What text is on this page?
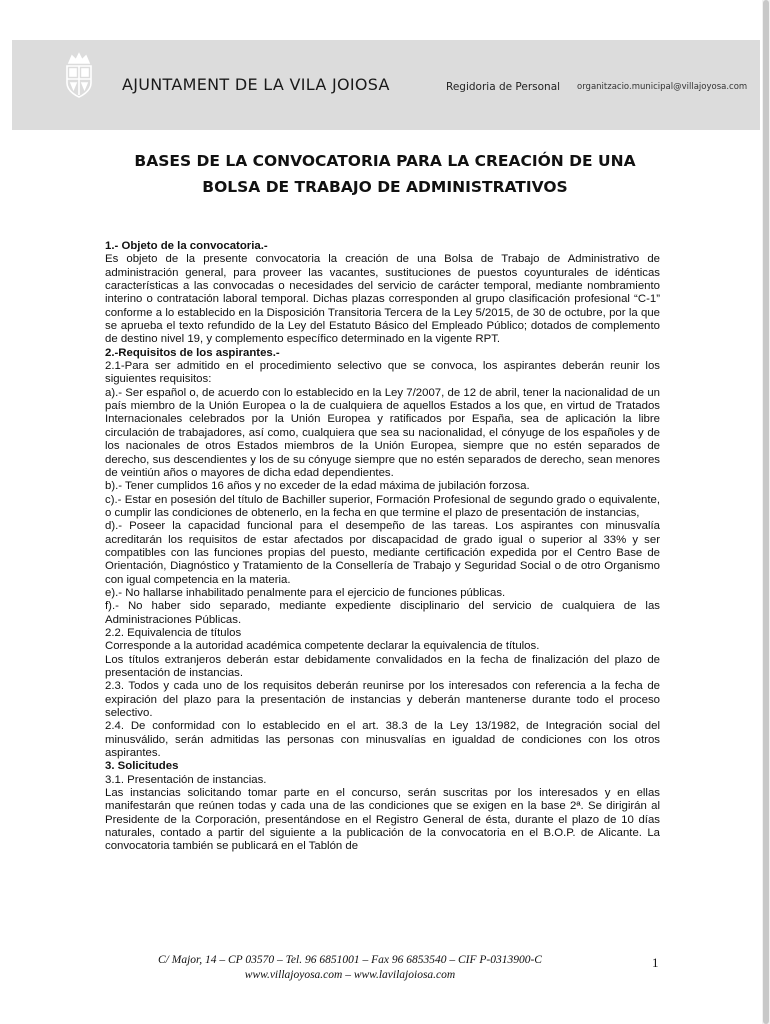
AJUNTAMENT DE LA VILA JOIOSA	Regidoria de Personal organitzacio.municipal@villajoyosa.com
BASES DE LA CONVOCATORIA PARA LA CREACIÓN DE UNA
BOLSA DE TRABAJO DE ADMINISTRATIVOS

1.- Objeto de la convocatoria.-

Es objeto de la presente convocatoria la creación de una Bolsa de Trabajo de Administrativo de administración general, para proveer las vacantes, sustituciones de puestos coyunturales de idénticas características a las convocadas o necesidades del servicio de carácter temporal, mediante nombramiento interino o contratación laboral temporal. Dichas plazas corresponden al grupo clasificación profesional “C-1” conforme a lo establecido en la Disposición Transitoria Tercera de la Ley 5/2015, de 30 de octubre, por la que se aprueba el texto refundido de la Ley del Estatuto Básico del Empleado Público; dotados de complemento de destino nivel 19, y complemento específico determinado en la vigente RPT.

2.-Requisitos de los aspirantes.-

2.1-Para ser admitido en el procedimiento selectivo que se convoca, los aspirantes deberán reunir los siguientes requisitos:

a).- Ser español o, de acuerdo con lo establecido en la Ley 7/2007, de 12 de abril, tener la nacionalidad de un país miembro de la Unión Europea o la de cualquiera de aquellos Estados a los que, en virtud de Tratados Internacionales celebrados por la Unión Europea y ratificados por España, sea de aplicación la libre circulación de trabajadores, así como, cualquiera que sea su nacionalidad, el cónyuge de los españoles y de los nacionales de otros Estados miembros de la Unión Europea, siempre que no estén separados de derecho, sus descendientes y los de su cónyuge siempre que no estén separados de derecho, sean menores de veintiún años o mayores de dicha edad dependientes.

b).- Tener cumplidos 16 años y no exceder de la edad máxima de jubilación forzosa.

c).- Estar en posesión del título de Bachiller superior, Formación Profesional de segundo grado o equivalente, o cumplir las condiciones de obtenerlo, en la fecha en que termine el plazo de presentación de instancias,

d).- Poseer la capacidad funcional para el desempeño de las tareas. Los aspirantes con minusvalía acreditarán los requisitos de estar afectados por discapacidad de grado igual o superior al 33% y ser compatibles con las funciones propias del puesto, mediante certificación expedida por el Centro Base de Orientación, Diagnóstico y Tratamiento de la Consellería de Trabajo y Seguridad Social o de otro Organismo con igual competencia en la materia.

e).- No hallarse inhabilitado penalmente para el ejercicio de funciones públicas.

f).- No haber sido separado, mediante expediente disciplinario del servicio de cualquiera de las Administraciones Públicas.

2.2. Equivalencia de títulos

Corresponde a la autoridad académica competente declarar la equivalencia de títulos.

Los títulos extranjeros deberán estar debidamente convalidados en la fecha de finalización del plazo de presentación de instancias.

2.3. Todos y cada uno de los requisitos deberán reunirse por los interesados con referencia a la fecha de expiración del plazo para la presentación de instancias y deberán mantenerse durante todo el proceso selectivo.

2.4. De conformidad con lo establecido en el art. 38.3 de la Ley 13/1982, de Integración social del minusválido, serán admitidas las personas con minusvalías en igualdad de condiciones con los otros aspirantes.

3. Solicitudes

3.1. Presentación de instancias.

Las instancias solicitando tomar parte en el concurso, serán suscritas por los interesados y en ellas manifestarán que reúnen todas y cada una de las condiciones que se exigen en la base 2ª. Se dirigirán al Presidente de la Corporación, presentándose en el Registro General de ésta, durante el plazo de 10 días naturales, contado a partir del siguiente a la publicación de la convocatoria en el B.O.P. de Alicante. La convocatoria también se publicará en el Tablón de

C/ Major, 14 – CP 03570 – Tel. 96 6851001 – Fax 96 6853540 – CIF P-0313900-C
www.villajoyosa.com – www.lavilajoiosa.com
1
